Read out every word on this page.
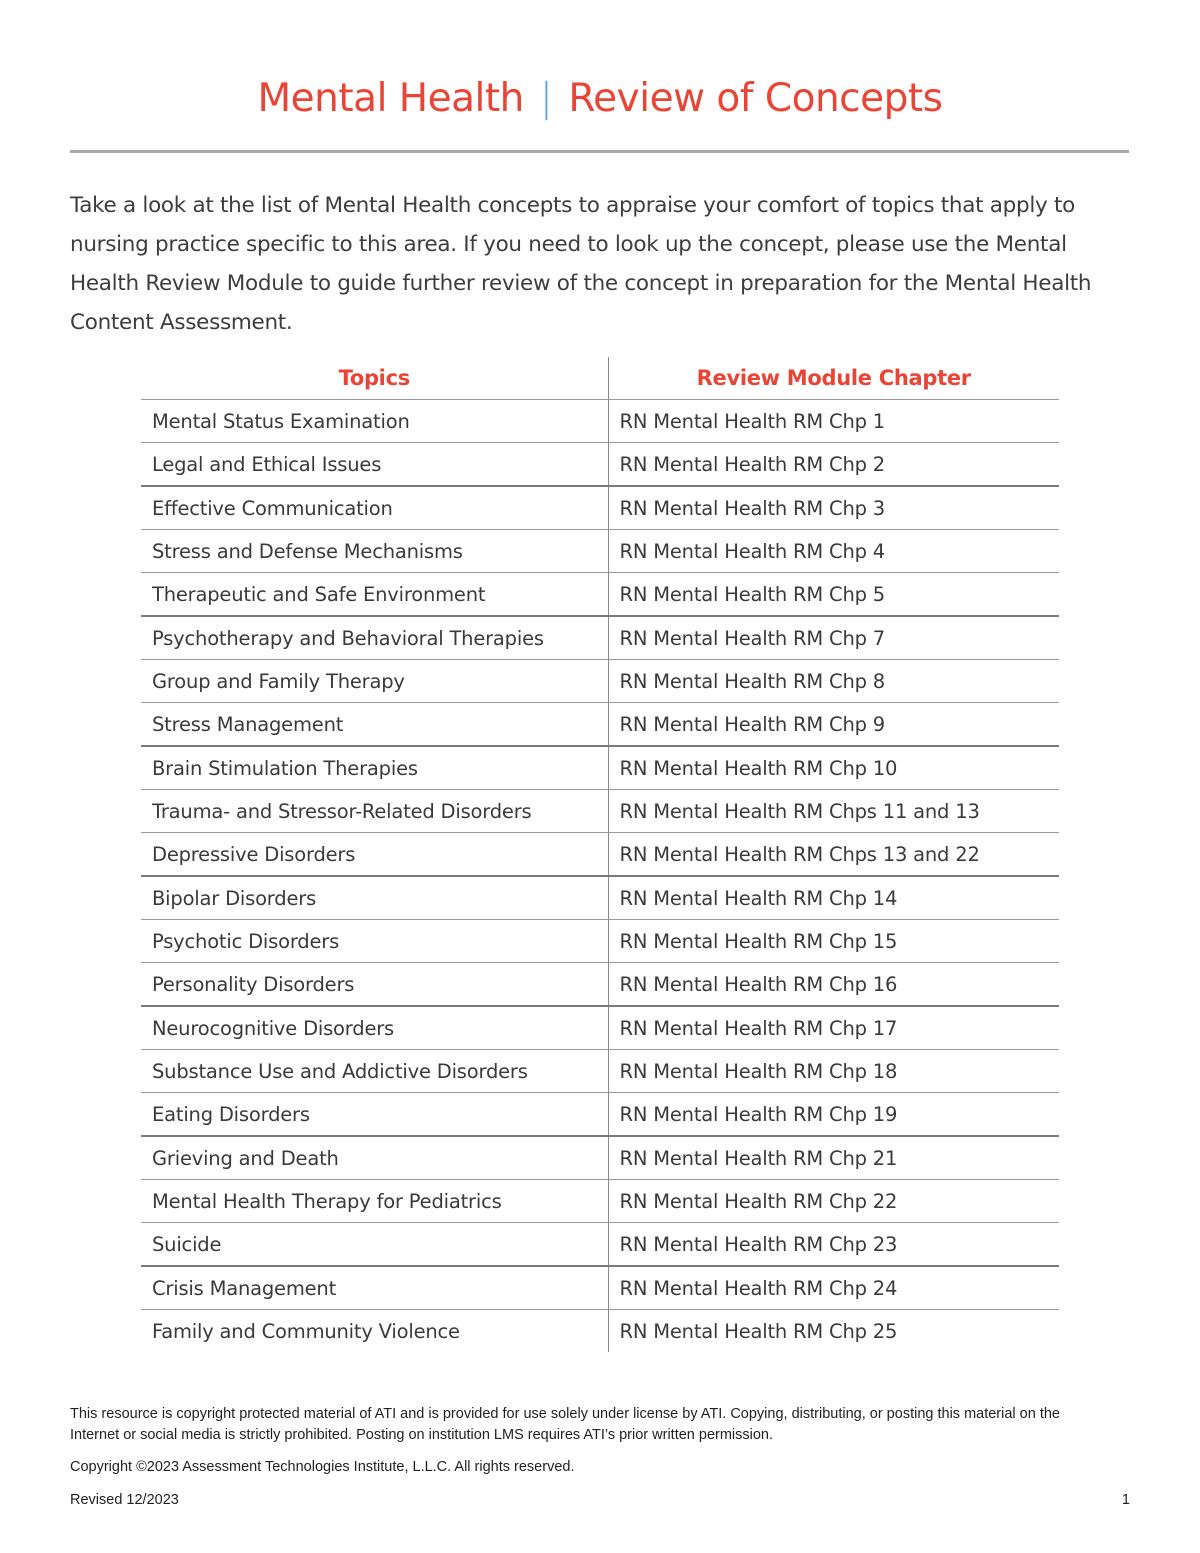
Mental Health | Review of Concepts
Take a look at the list of Mental Health concepts to appraise your comfort of topics that apply to nursing practice specific to this area. If you need to look up the concept, please use the Mental Health Review Module to guide further review of the concept in preparation for the Mental Health Content Assessment.
Topics	Review Module Chapter
Mental Status Examination	RN Mental Health RM Chp 1
Legal and Ethical Issues	RN Mental Health RM Chp 2
Effective Communication	RN Mental Health RM Chp 3
Stress and Defense Mechanisms	RN Mental Health RM Chp 4
Therapeutic and Safe Environment	RN Mental Health RM Chp 5
Psychotherapy and Behavioral Therapies	RN Mental Health RM Chp 7
Group and Family Therapy	RN Mental Health RM Chp 8
Stress Management	RN Mental Health RM Chp 9
Brain Stimulation Therapies	RN Mental Health RM Chp 10
Trauma- and Stressor-Related Disorders	RN Mental Health RM Chps 11 and 13
Depressive Disorders	RN Mental Health RM Chps 13 and 22
Bipolar Disorders	RN Mental Health RM Chp 14
Psychotic Disorders	RN Mental Health RM Chp 15
Personality Disorders	RN Mental Health RM Chp 16
Neurocognitive Disorders	RN Mental Health RM Chp 17
Substance Use and Addictive Disorders	RN Mental Health RM Chp 18
Eating Disorders	RN Mental Health RM Chp 19
Grieving and Death	RN Mental Health RM Chp 21
Mental Health Therapy for Pediatrics	RN Mental Health RM Chp 22
Suicide	RN Mental Health RM Chp 23
Crisis Management	RN Mental Health RM Chp 24
Family and Community Violence	RN Mental Health RM Chp 25
This resource is copyright protected material of ATI and is provided for use solely under license by ATI. Copying, distributing, or posting this material on the Internet or social media is strictly prohibited. Posting on institution LMS requires ATI’s prior written permission.
Copyright ©2023 Assessment Technologies Institute, L.L.C. All rights reserved.
Revised 12/2023	1
